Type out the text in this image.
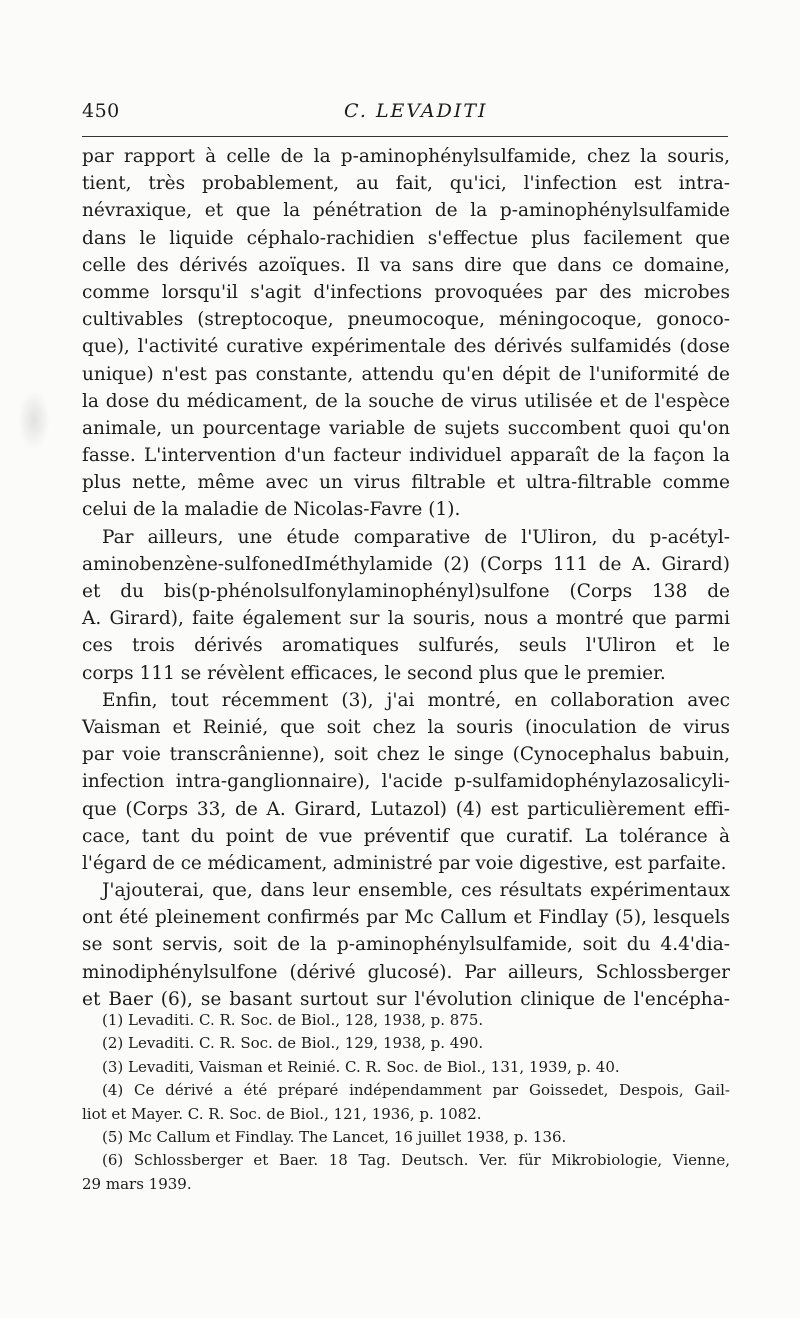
450	C. LEVADITI
par rapport à celle de la p-aminophénylsulfamide, chez la souris,
tient, très probablement, au fait, qu'ici, l'infection est intra-
névraxique, et que la pénétration de la p-aminophénylsulfamide
dans le liquide céphalo-rachidien s'effectue plus facilement que
celle des dérivés azoïques. Il va sans dire que dans ce domaine,
comme lorsqu'il s'agit d'infections provoquées par des microbes
cultivables (streptocoque, pneumocoque, méningocoque, gonoco-
que), l'activité curative expérimentale des dérivés sulfamidés (dose
unique) n'est pas constante, attendu qu'en dépit de l'uniformité de
la dose du médicament, de la souche de virus utilisée et de l'espèce
animale, un pourcentage variable de sujets succombent quoi qu'on
fasse. L'intervention d'un facteur individuel apparaît de la façon la
plus nette, même avec un virus filtrable et ultra-filtrable comme
celui de la maladie de Nicolas-Favre (1).
Par ailleurs, une étude comparative de l'Uliron, du p-acétyl-
aminobenzène-sulfonedIméthylamide (2) (Corps 111 de A. Girard)
et du bis(p-phénolsulfonylaminophényl)sulfone (Corps 138 de
A. Girard), faite également sur la souris, nous a montré que parmi
ces trois dérivés aromatiques sulfurés, seuls l'Uliron et le
corps 111 se révèlent efficaces, le second plus que le premier.
Enfin, tout récemment (3), j'ai montré, en collaboration avec
Vaisman et Reinié, que soit chez la souris (inoculation de virus
par voie transcrânienne), soit chez le singe (Cynocephalus babuin,
infection intra-ganglionnaire), l'acide p-sulfamidophénylazosalicyli-
que (Corps 33, de A. Girard, Lutazol) (4) est particulièrement effi-
cace, tant du point de vue préventif que curatif. La tolérance à
l'égard de ce médicament, administré par voie digestive, est parfaite.
J'ajouterai, que, dans leur ensemble, ces résultats expérimentaux
ont été pleinement confirmés par Mc Callum et Findlay (5), lesquels
se sont servis, soit de la p-aminophénylsulfamide, soit du 4.4'dia-
minodiphénylsulfone (dérivé glucosé). Par ailleurs, Schlossberger
et Baer (6), se basant surtout sur l'évolution clinique de l'encépha-
(1) Levaditi. C. R. Soc. de Biol., 128, 1938, p. 875.
(2) Levaditi. C. R. Soc. de Biol., 129, 1938, p. 490.
(3) Levaditi, Vaisman et Reinié. C. R. Soc. de Biol., 131, 1939, p. 40.
(4) Ce dérivé a été préparé indépendamment par Goissedet, Despois, Gail-
liot et Mayer. C. R. Soc. de Biol., 121, 1936, p. 1082.
(5) Mc Callum et Findlay. The Lancet, 16 juillet 1938, p. 136.
(6) Schlossberger et Baer. 18 Tag. Deutsch. Ver. für Mikrobiologie, Vienne,
29 mars 1939.
